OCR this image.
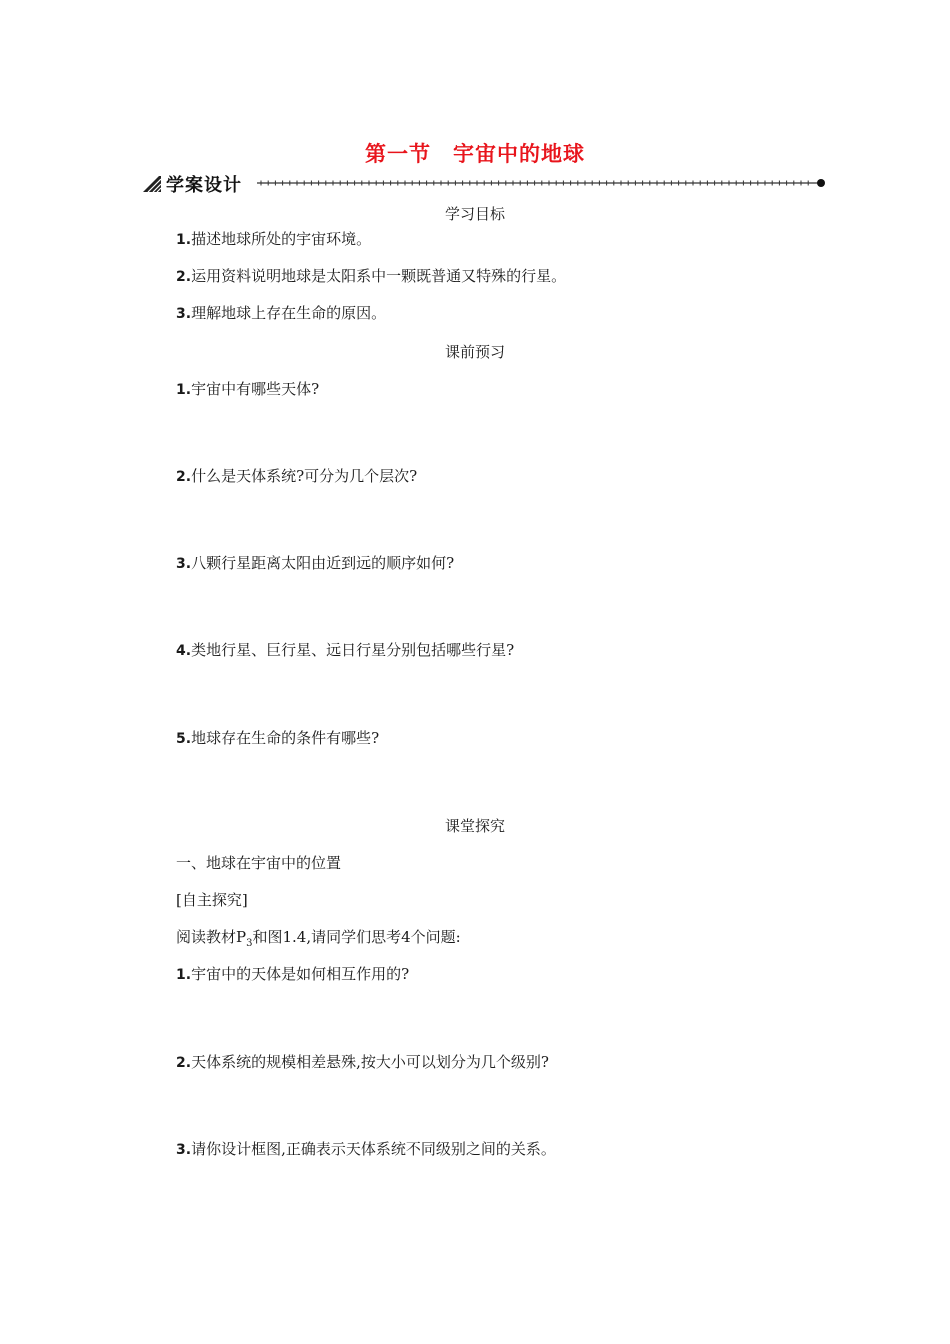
第一节　宇宙中的地球
学案设计
学习目标
1.描述地球所处的宇宙环境。
2.运用资料说明地球是太阳系中一颗既普通又特殊的行星。
3.理解地球上存在生命的原因。
课前预习
1.宇宙中有哪些天体?
2.什么是天体系统?可分为几个层次?
3.八颗行星距离太阳由近到远的顺序如何?
4.类地行星、巨行星、远日行星分别包括哪些行星?
5.地球存在生命的条件有哪些?
课堂探究
一、地球在宇宙中的位置
[自主探究]
阅读教材$P_3$和图1.4,请同学们思考4个问题:
1.宇宙中的天体是如何相互作用的?
2.天体系统的规模相差悬殊,按大小可以划分为几个级别?
3.请你设计框图,正确表示天体系统不同级别之间的关系。
